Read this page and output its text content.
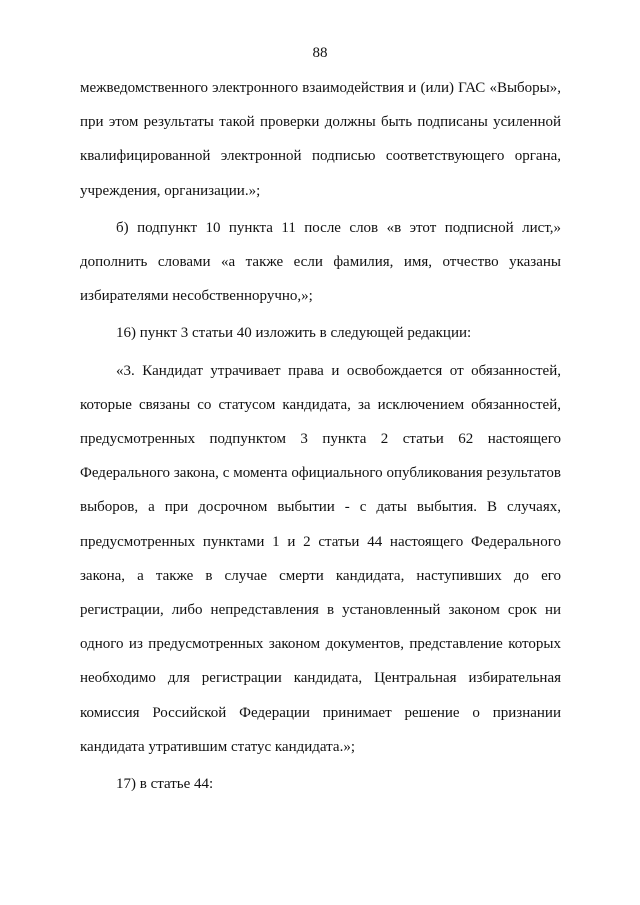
88

межведомственного электронного взаимодействия и (или) ГАС «Выборы», при этом результаты такой проверки должны быть подписаны усиленной квалифицированной электронной подписью соответствующего органа, учреждения, организации.»;

б) подпункт 10 пункта 11 после слов «в этот подписной лист,» дополнить словами «а также если фамилия, имя, отчество указаны избирателями несобственноручно,»;

16) пункт 3 статьи 40 изложить в следующей редакции:

«3. Кандидат утрачивает права и освобождается от обязанностей, которые связаны со статусом кандидата, за исключением обязанностей, предусмотренных подпунктом 3 пункта 2 статьи 62 настоящего Федерального закона, с момента официального опубликования результатов выборов, а при досрочном выбытии - с даты выбытия. В случаях, предусмотренных пунктами 1 и 2 статьи 44 настоящего Федерального закона, а также в случае смерти кандидата, наступивших до его регистрации, либо непредставления в установленный законом срок ни одного из предусмотренных законом документов, представление которых необходимо для регистрации кандидата, Центральная избирательная комиссия Российской Федерации принимает решение о признании кандидата утратившим статус кандидата.»;

17) в статье 44:
